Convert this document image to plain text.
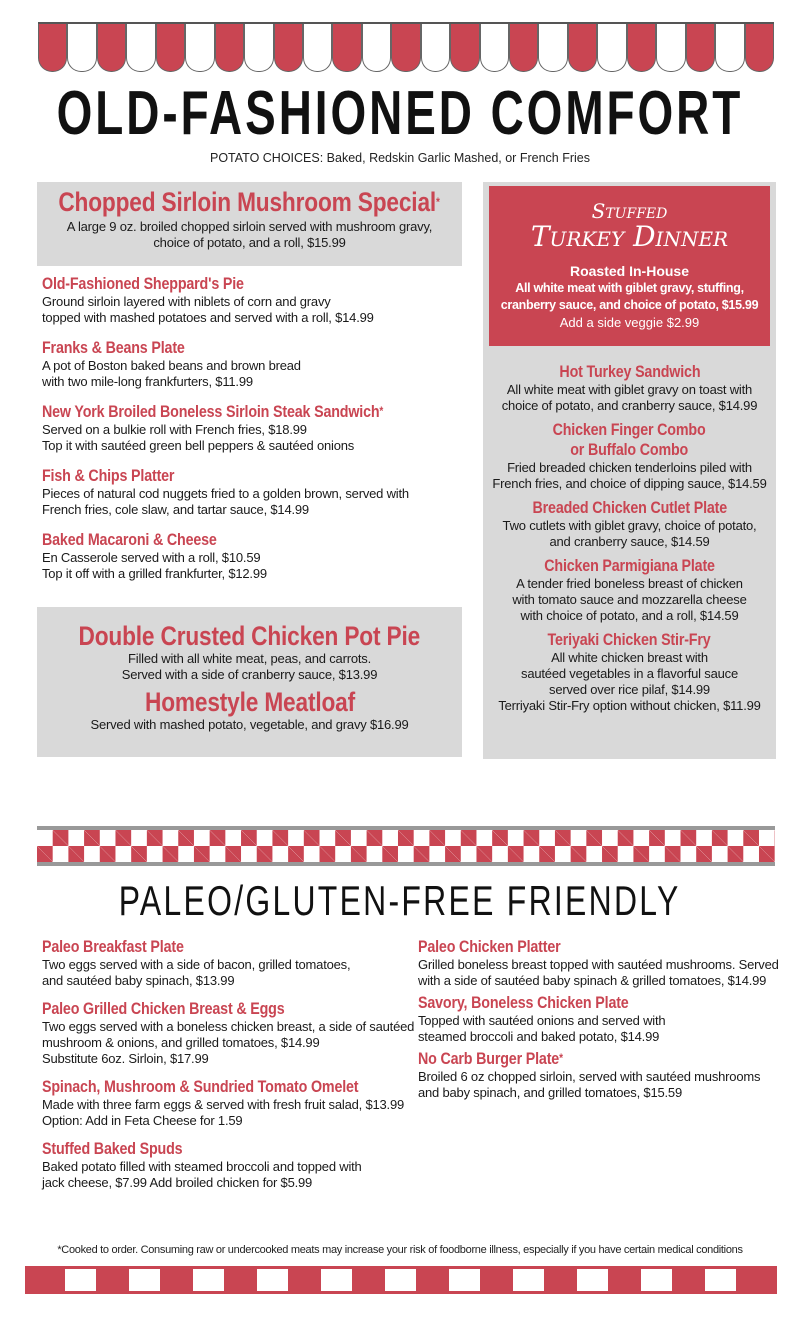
OLD-FASHIONED COMFORT
POTATO CHOICES: Baked, Redskin Garlic Mashed, or French Fries
Chopped Sirloin Mushroom Special*
A large 9 oz. broiled chopped sirloin served with mushroom gravy,
choice of potato, and a roll, $15.99
Old-Fashioned Sheppard's Pie
Ground sirloin layered with niblets of corn and gravy
topped with mashed potatoes and served with a roll, $14.99
Franks & Beans Plate
A pot of Boston baked beans and brown bread
with two mile-long frankfurters, $11.99
New York Broiled Boneless Sirloin Steak Sandwich*
Served on a bulkie roll with French fries, $18.99
Top it with sautéed green bell peppers & sautéed onions
Fish & Chips Platter
Pieces of natural cod nuggets fried to a golden brown, served with
French fries, cole slaw, and tartar sauce, $14.99
Baked Macaroni & Cheese
En Casserole served with a roll, $10.59
Top it off with a grilled frankfurter, $12.99
Double Crusted Chicken Pot Pie
Filled with all white meat, peas, and carrots.
Served with a side of cranberry sauce, $13.99
Homestyle Meatloaf
Served with mashed potato, vegetable, and gravy $16.99
Stuffed
Turkey Dinner
Roasted In-House
All white meat with giblet gravy, stuffing,
cranberry sauce, and choice of potato, $15.99
Add a side veggie $2.99
Hot Turkey Sandwich
All white meat with giblet gravy on toast with
choice of potato, and cranberry sauce, $14.99
Chicken Finger Combo
or Buffalo Combo
Fried breaded chicken tenderloins piled with
French fries, and choice of dipping sauce, $14.59
Breaded Chicken Cutlet Plate
Two cutlets with giblet gravy, choice of potato,
and cranberry sauce, $14.59
Chicken Parmigiana Plate
A tender fried boneless breast of chicken
with tomato sauce and mozzarella cheese
with choice of potato, and a roll, $14.59
Teriyaki Chicken Stir-Fry
All white chicken breast with
sautéed vegetables in a flavorful sauce
served over rice pilaf, $14.99
Terriyaki Stir-Fry option without chicken, $11.99
PALEO/GLUTEN-FREE FRIENDLY
Paleo Breakfast Plate
Two eggs served with a side of bacon, grilled tomatoes,
and sautéed baby spinach, $13.99
Paleo Grilled Chicken Breast & Eggs
Two eggs served with a boneless chicken breast, a side of sautéed
mushroom & onions, and grilled tomatoes, $14.99
Substitute 6oz. Sirloin, $17.99
Spinach, Mushroom & Sundried Tomato Omelet
Made with three farm eggs & served with fresh fruit salad, $13.99
Option: Add in Feta Cheese for 1.59
Stuffed Baked Spuds
Baked potato filled with steamed broccoli and topped with
jack cheese, $7.99 Add broiled chicken for $5.99
Paleo Chicken Platter
Grilled boneless breast topped with sautéed mushrooms. Served
with a side of sautéed baby spinach & grilled tomatoes, $14.99
Savory, Boneless Chicken Plate
Topped with sautéed onions and served with
steamed broccoli and baked potato, $14.99
No Carb Burger Plate*
Broiled 6 oz chopped sirloin, served with sautéed mushrooms
and baby spinach, and grilled tomatoes, $15.59
*Cooked to order. Consuming raw or undercooked meats may increase your risk of foodborne illness, especially if you have certain medical conditions
